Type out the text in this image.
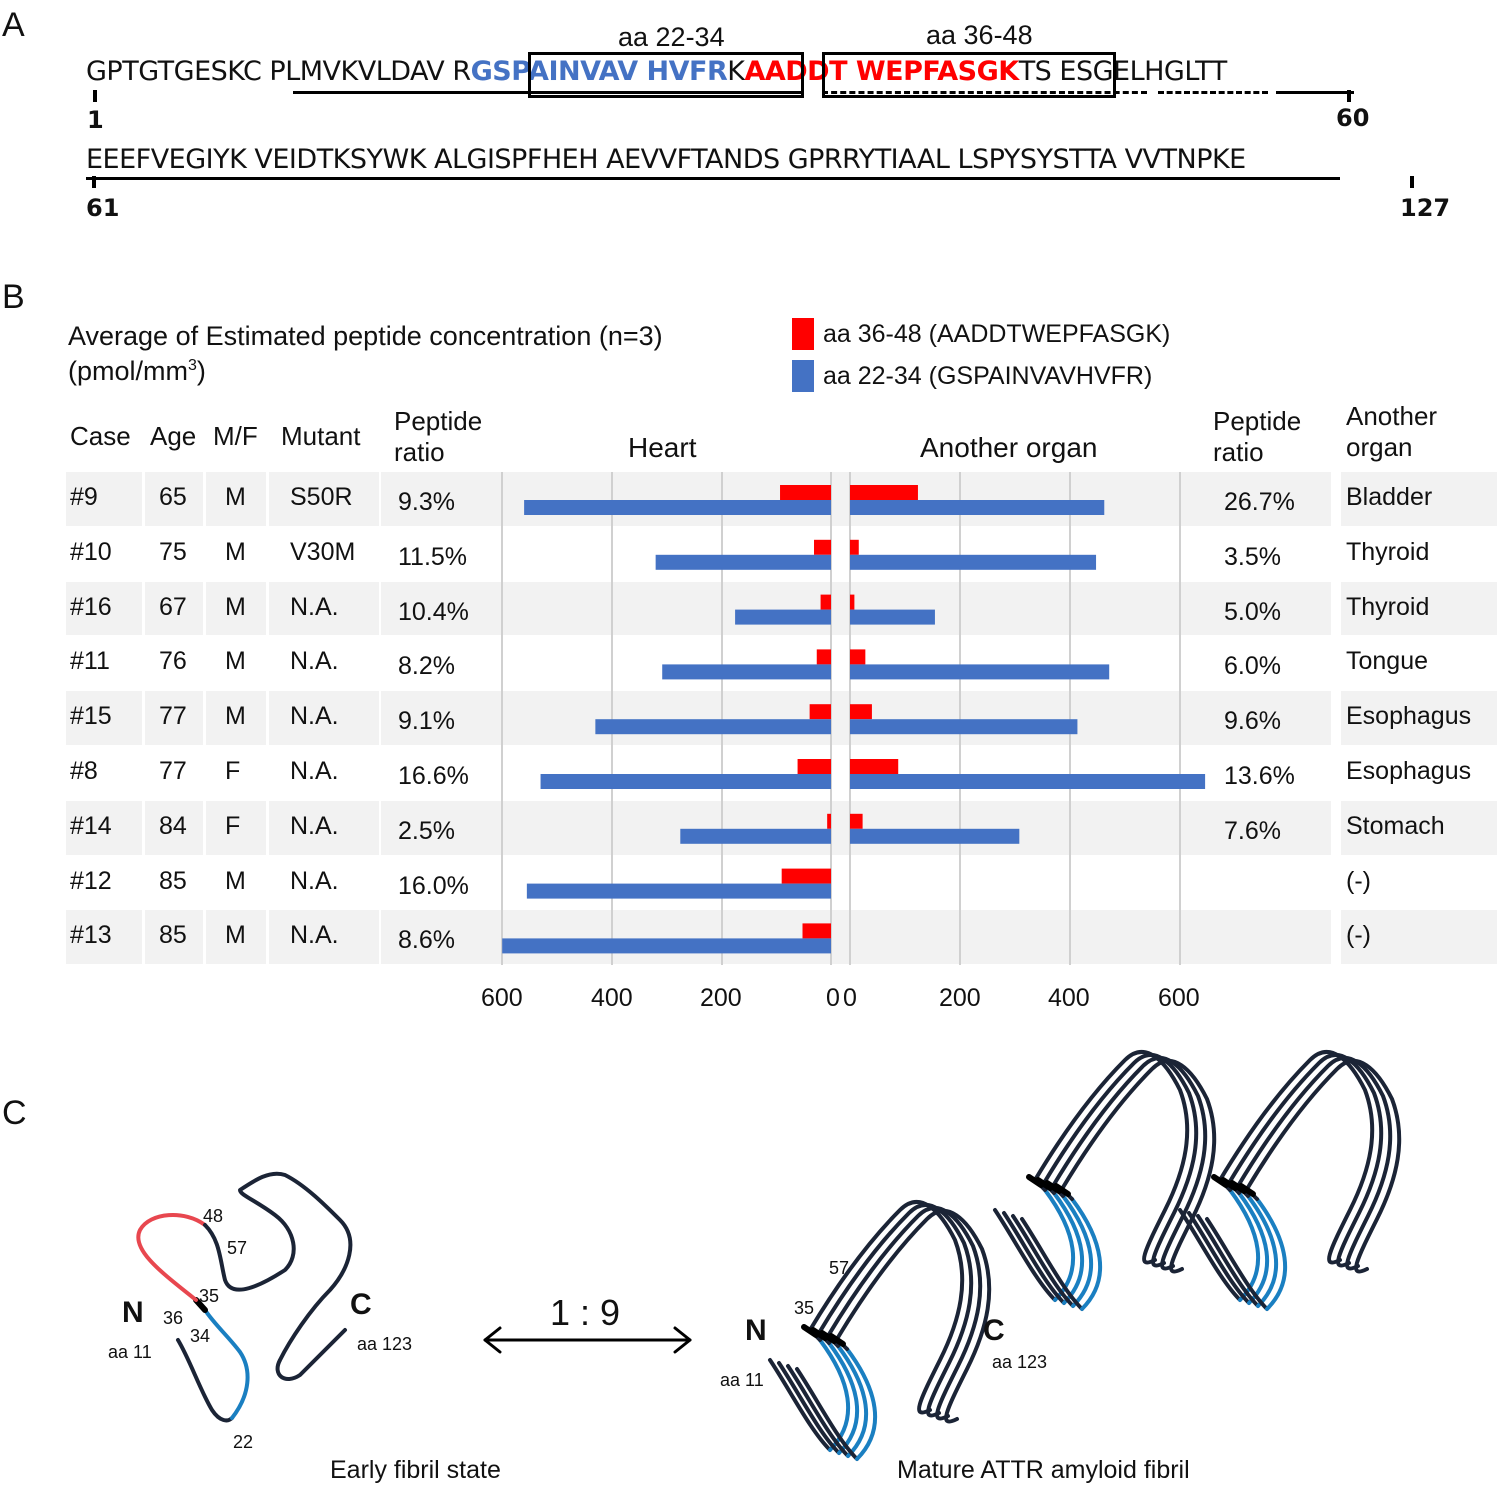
A	aa 22-34	aa 36-48
GPTGTGESKC PLMVKVLDAV RGSPAINVAV HVFRKAADDT WEPFASGKTS ESGELHGLTT
1	60
EEEFVEGIYK VEIDTKSYWK ALGISPFHEH AEVVFTANDS GPRRYTIAAL LSPYSYSTTA VVTNPKE
61	127
B
Average of Estimated peptide concentration (n=3)
$(pmol/mm^3)$
aa 36-48 (AADDTWEPFASGK)
aa 22-34 (GSPAINVAVHVFR)
Case Age M/F Mutant Peptide
ratio	Heart	Another organ
Peptide
ratio
Another
organ
#9 65 M S50R 9.3%	26.7% Bladder
#10 75 M V30M 11.5%	3.5%	Thyroid
#16 67 M N.A. 10.4%	5.0%	Thyroid
#11 76 M N.A. 8.2%	6.0%	Tongue
#15 77 M N.A. 9.1%	9.6%	Esophagus
#8 77 F N.A. 16.6%	13.6% Esophagus
#14 84 F N.A. 2.5%	7.6%	Stomach
#12 85 M N.A. 16.0%	(-)
#13 85 M N.A. 8.6%	(-)
600	400	200	0 0	200	400	600
C
48
57
35
36
34
22
N
aa 11
C
aa 123
Early fibril state
1 : 9
57
35
N
aa 11
C
aa 123
Mature ATTR amyloid fibril
